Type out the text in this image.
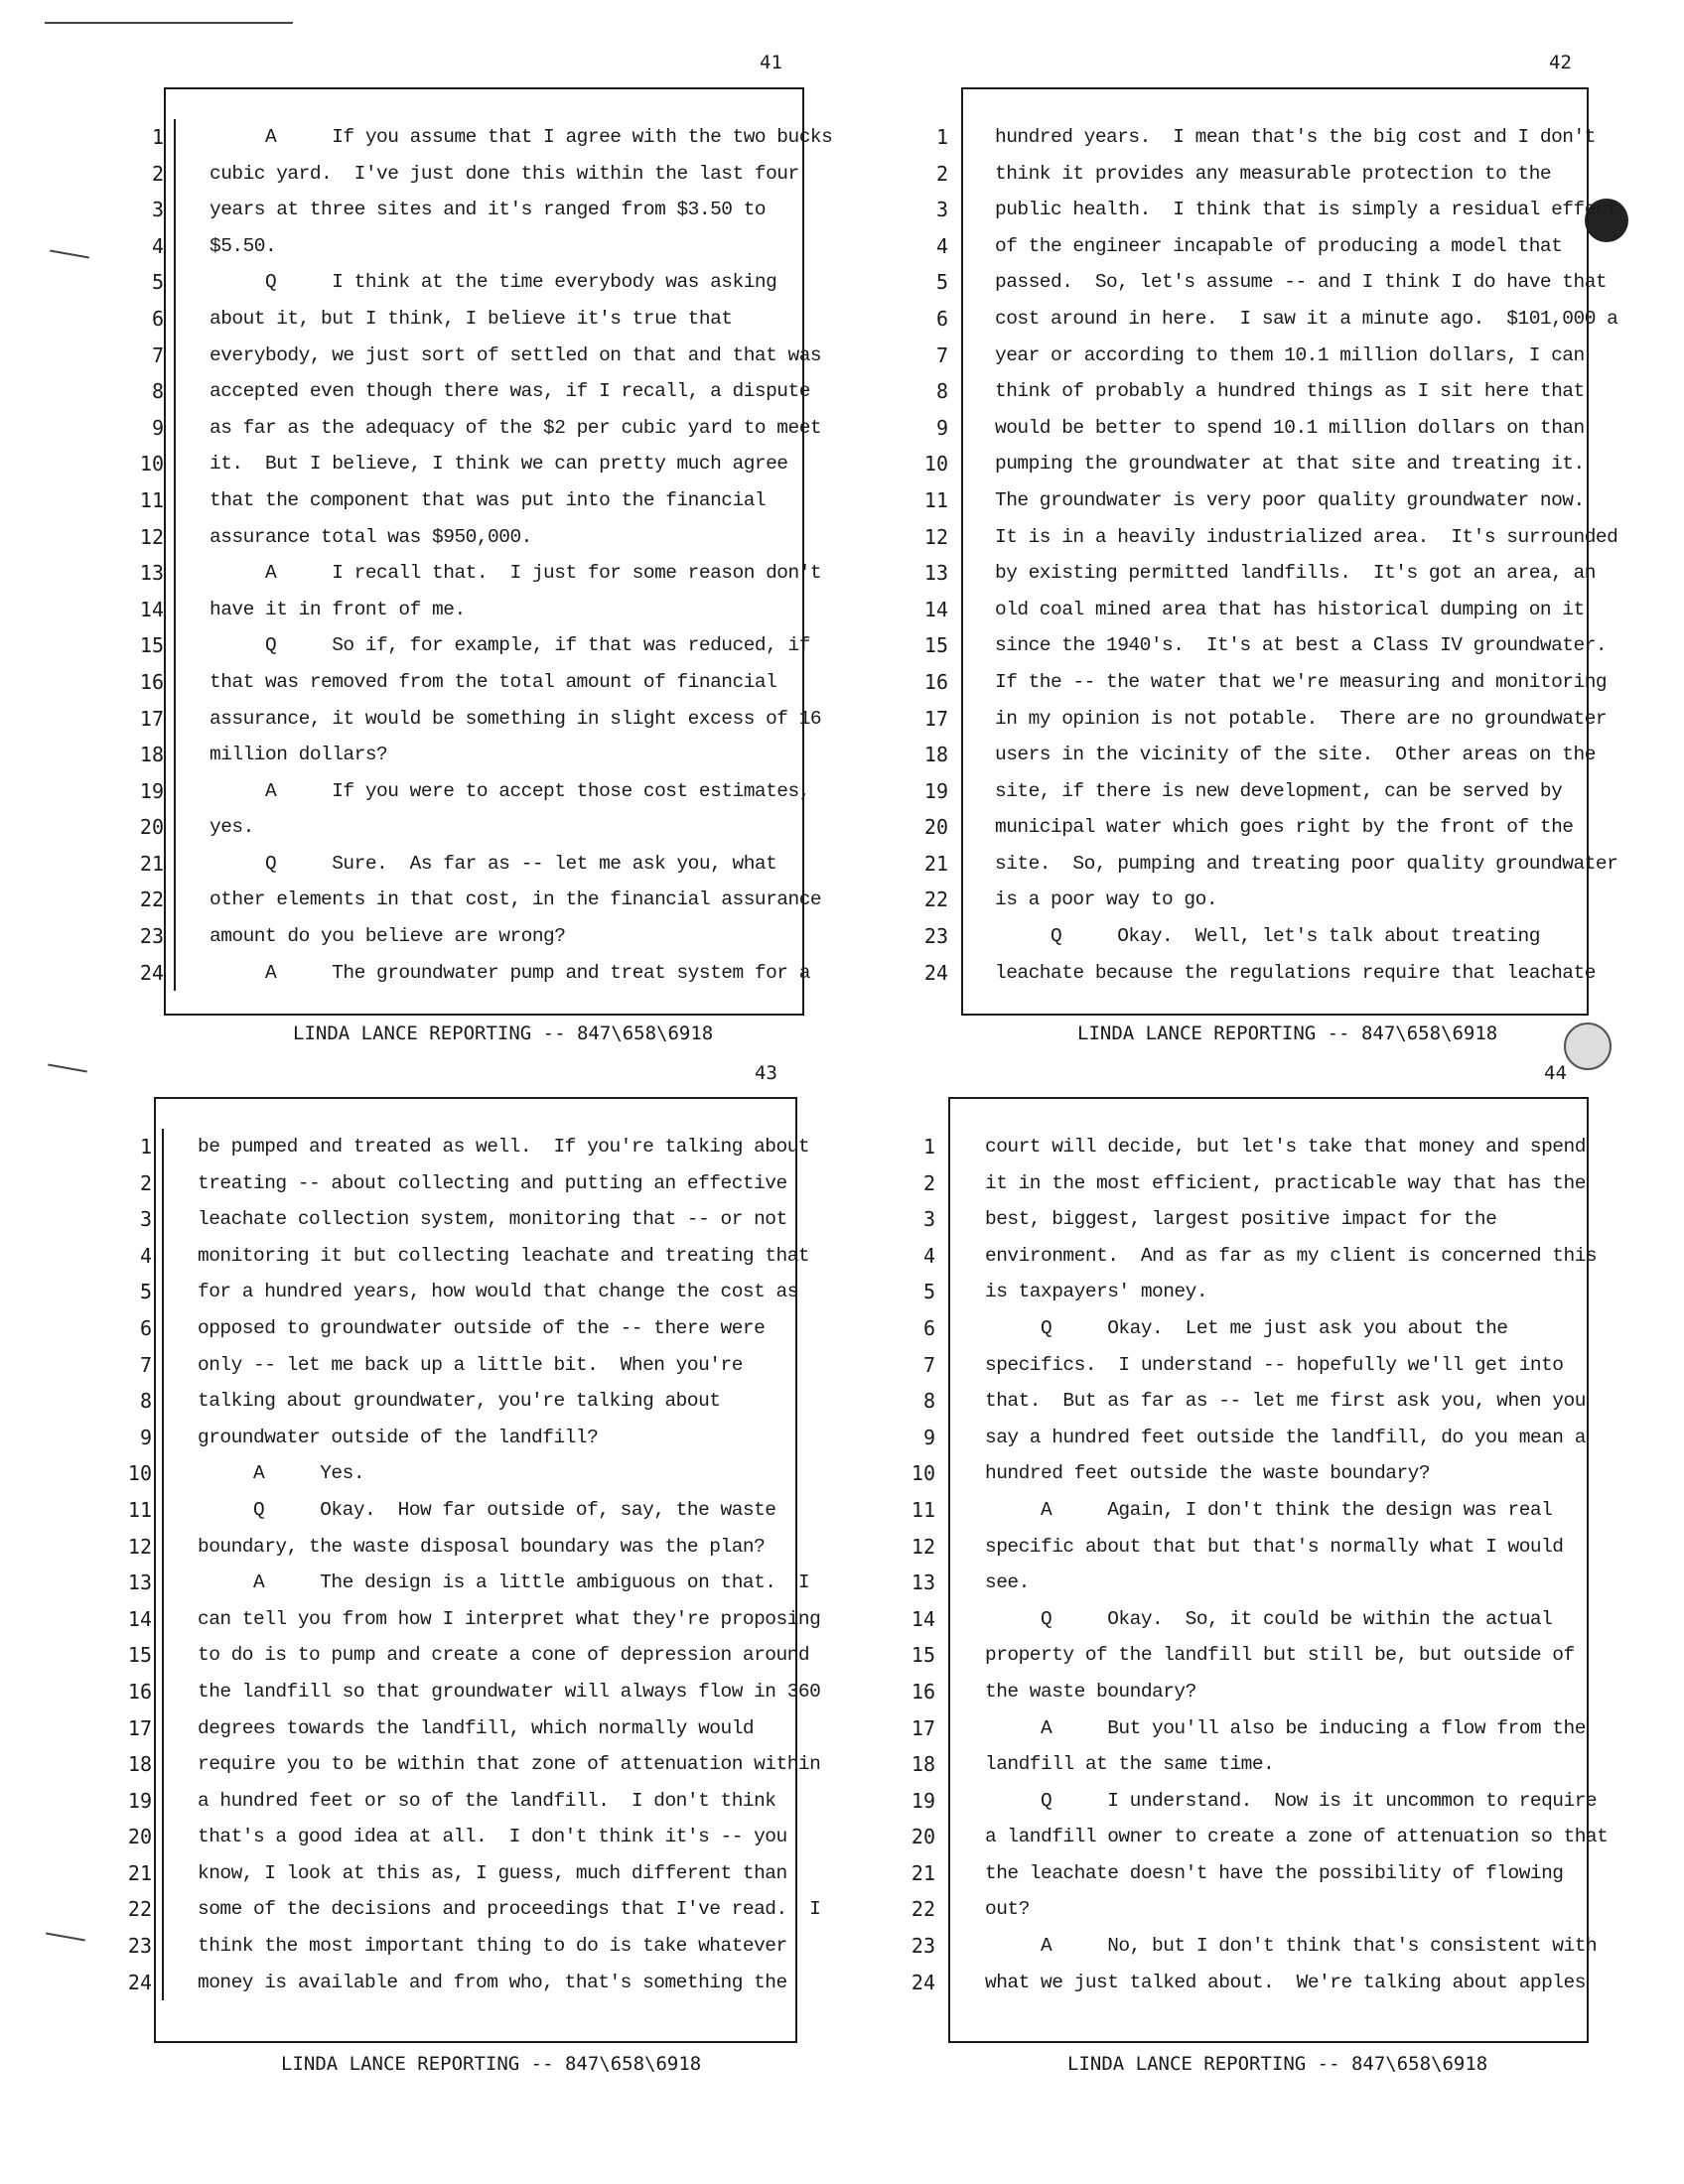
41
1 A     If you assume that I agree with the two bucks
2 cubic yard.  I've just done this within the last four
3 years at three sites and it's ranged from $3.50 to
4 $5.50.
5 Q     I think at the time everybody was asking
6 about it, but I think, I believe it's true that
7 everybody, we just sort of settled on that and that was
8 accepted even though there was, if I recall, a dispute
9 as far as the adequacy of the $2 per cubic yard to meet
10 it.  But I believe, I think we can pretty much agree
11 that the component that was put into the financial
12 assurance total was $950,000.
13 A     I recall that.  I just for some reason don't
14 have it in front of me.
15 Q     So if, for example, if that was reduced, if
16 that was removed from the total amount of financial
17 assurance, it would be something in slight excess of 16
18 million dollars?
19 A     If you were to accept those cost estimates,
20 yes.
21 Q     Sure.  As far as -- let me ask you, what
22 other elements in that cost, in the financial assurance
23 amount do you believe are wrong?
24 A     The groundwater pump and treat system for a
LINDA LANCE REPORTING -- 847\658\6918
42
1 hundred years.  I mean that's the big cost and I don't
2 think it provides any measurable protection to the
3 public health.  I think that is simply a residual effect
4 of the engineer incapable of producing a model that
5 passed.  So, let's assume -- and I think I do have that
6 cost around in here.  I saw it a minute ago.  $101,000 a
7 year or according to them 10.1 million dollars, I can
8 think of probably a hundred things as I sit here that
9 would be better to spend 10.1 million dollars on than
10 pumping the groundwater at that site and treating it.
11 The groundwater is very poor quality groundwater now.
12 It is in a heavily industrialized area.  It's surrounded
13 by existing permitted landfills.  It's got an area, an
14 old coal mined area that has historical dumping on it
15 since the 1940's.  It's at best a Class IV groundwater.
16 If the -- the water that we're measuring and monitoring
17 in my opinion is not potable.  There are no groundwater
18 users in the vicinity of the site.  Other areas on the
19 site, if there is new development, can be served by
20 municipal water which goes right by the front of the
21 site.  So, pumping and treating poor quality groundwater
22 is a poor way to go.
23 Q     Okay.  Well, let's talk about treating
24 leachate because the regulations require that leachate
LINDA LANCE REPORTING -- 847\658\6918
43
1 be pumped and treated as well.  If you're talking about
2 treating -- about collecting and putting an effective
3 leachate collection system, monitoring that -- or not
4 monitoring it but collecting leachate and treating that
5 for a hundred years, how would that change the cost as
6 opposed to groundwater outside of the -- there were
7 only -- let me back up a little bit.  When you're
8 talking about groundwater, you're talking about
9 groundwater outside of the landfill?
10 A     Yes.
11 Q     Okay.  How far outside of, say, the waste
12 boundary, the waste disposal boundary was the plan?
13 A     The design is a little ambiguous on that.  I
14 can tell you from how I interpret what they're proposing
15 to do is to pump and create a cone of depression around
16 the landfill so that groundwater will always flow in 360
17 degrees towards the landfill, which normally would
18 require you to be within that zone of attenuation within
19 a hundred feet or so of the landfill.  I don't think
20 that's a good idea at all.  I don't think it's -- you
21 know, I look at this as, I guess, much different than
22 some of the decisions and proceedings that I've read.  I
23 think the most important thing to do is take whatever
24 money is available and from who, that's something the
LINDA LANCE REPORTING -- 847\658\6918
44
1	court will decide, but let's take that money and spend
2	it in the most efficient, practicable way that has the
3	best, biggest, largest positive impact for the
4	environment.  And as far as my client is concerned this
5	is taxpayers' money.
6	Q     Okay.  Let me just ask you about the
7	specifics.  I understand -- hopefully we'll get into
8	that.  But as far as -- let me first ask you, when you
9	say a hundred feet outside the landfill, do you mean a
10	hundred feet outside the waste boundary?
11	A     Again, I don't think the design was real
12	specific about that but that's normally what I would
13	see.
14	Q     Okay.  So, it could be within the actual
15	property of the landfill but still be, but outside of
16	the waste boundary?
17	A     But you'll also be inducing a flow from the
18	landfill at the same time.
19	Q     I understand.  Now is it uncommon to require
20	a landfill owner to create a zone of attenuation so that
21	the leachate doesn't have the possibility of flowing
22	out?
23	A     No, but I don't think that's consistent with
24	what we just talked about.  We're talking about apples
LINDA LANCE REPORTING -- 847\658\6918
